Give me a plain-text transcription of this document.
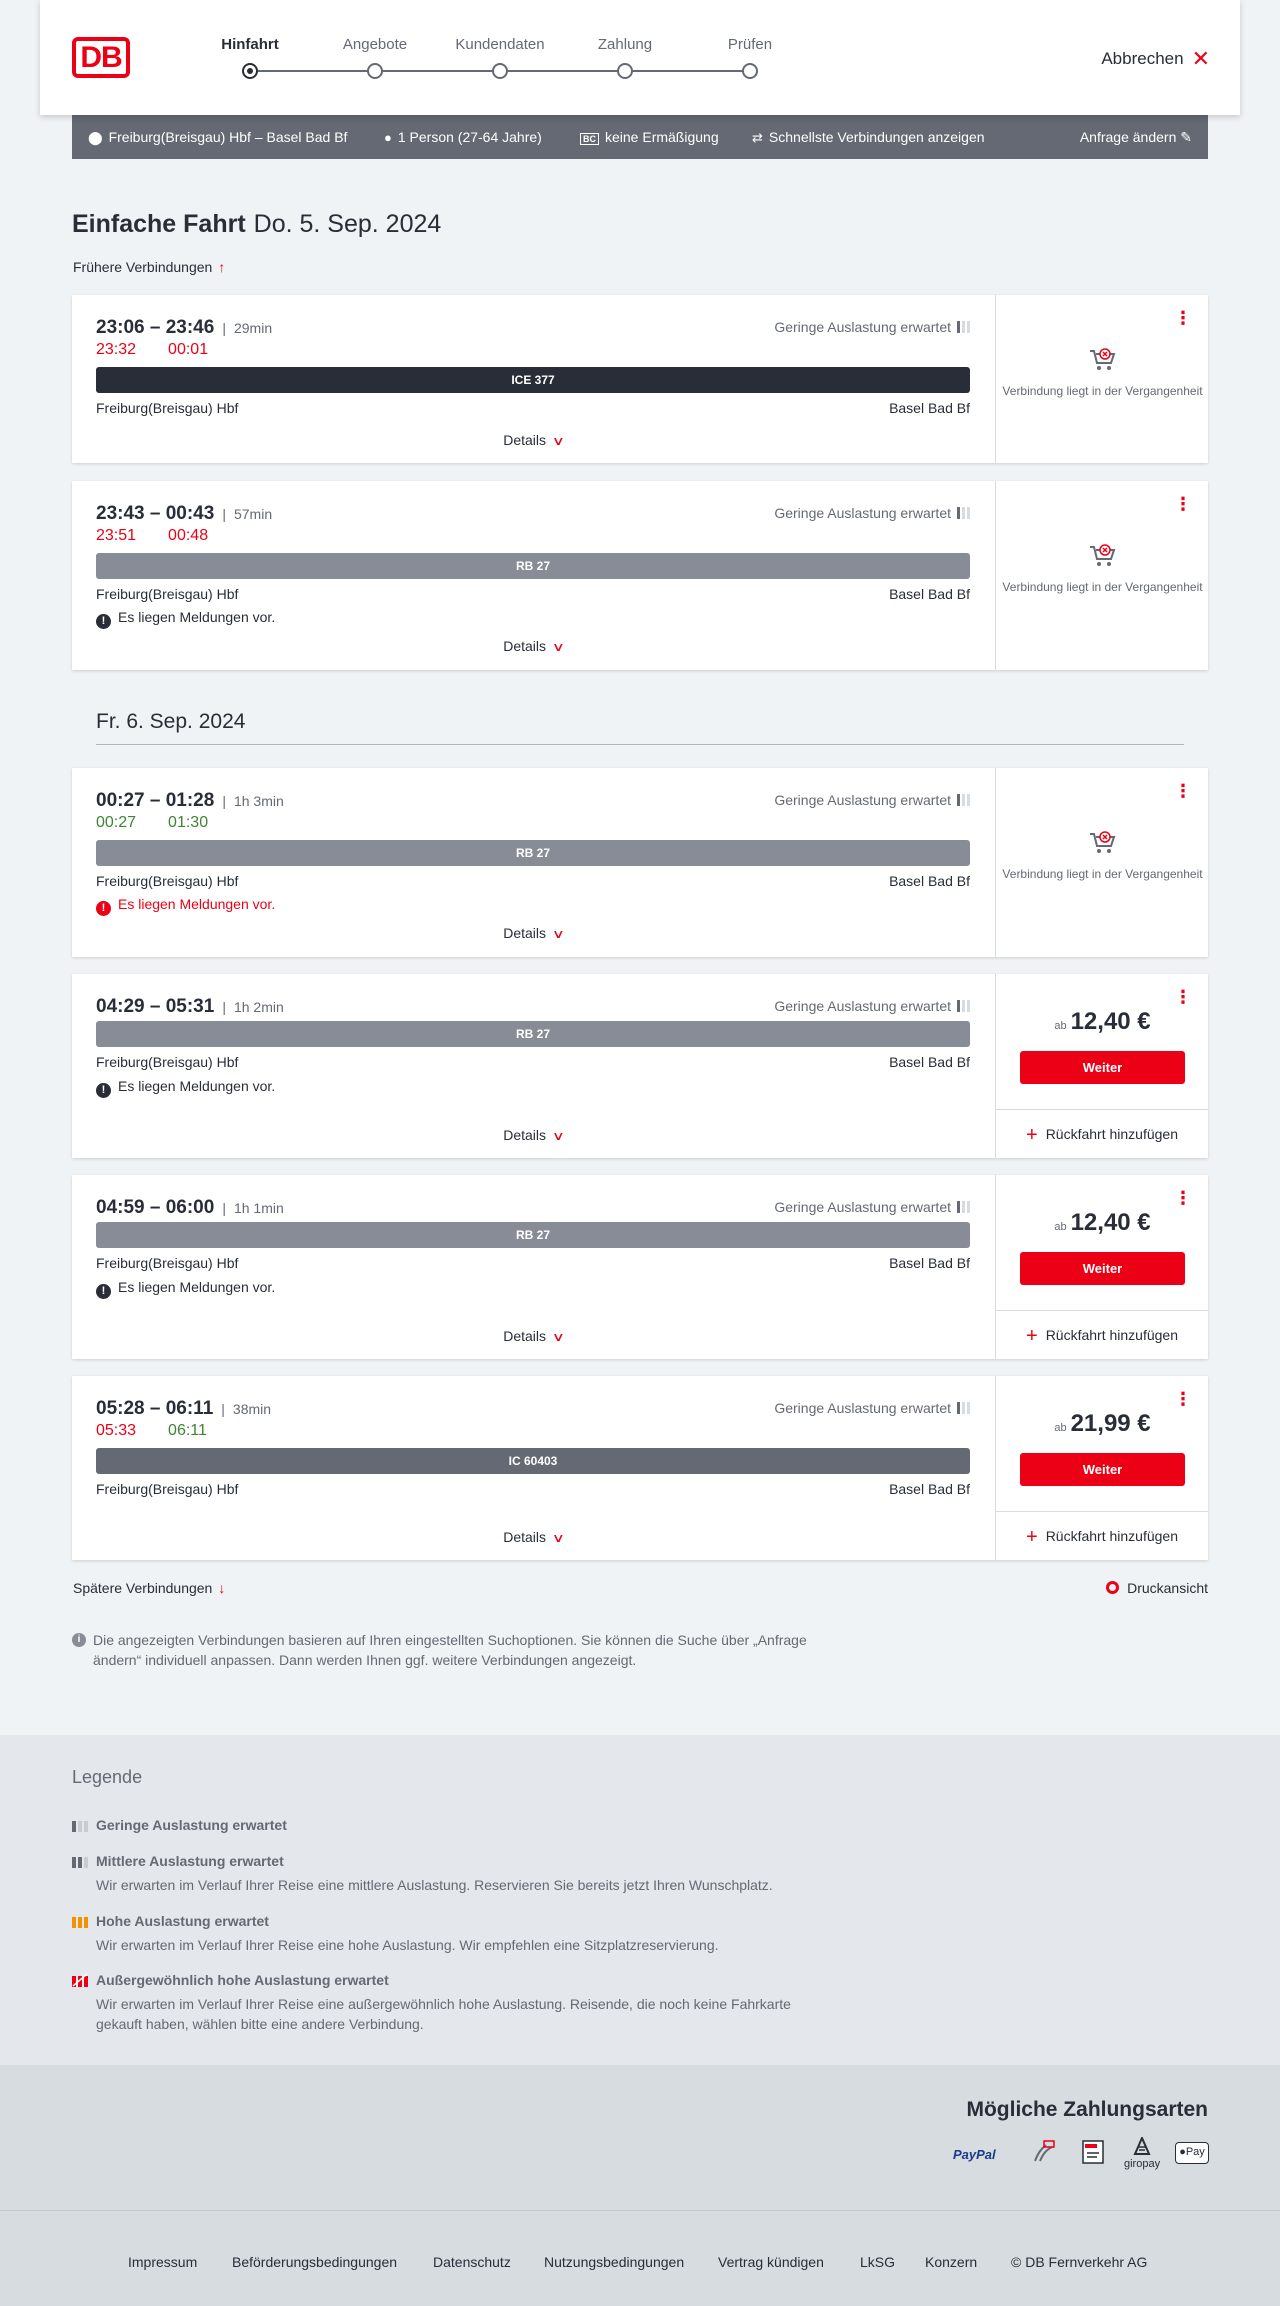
DB	Hinfahrt	Angebote	Kundendaten	Zahlung	Prüfen
Abbrechen ✕
⬤ Freiburg(Breisgau) Hbf – Basel Bad Bf	● 1 Person (27-64 Jahre)	BC keine Ermäßigung	⇄ Schnellste Verbindungen anzeigen	Anfrage ändern ✎
Einfache Fahrt Do. 5. Sep. 2024
Frühere Verbindungen ↑
23:06 – 23:46 | 29min	Geringe Auslastung erwartet
23:32 00:01
ICE 377
Freiburg(Breisgau) Hbf	Basel Bad Bf
Details ∨
⋮
Verbindung liegt in der Vergangenheit
23:43 – 00:43 | 57min	Geringe Auslastung erwartet
23:51 00:48
RB 27
Freiburg(Breisgau) Hbf	Basel Bad Bf
! Es liegen Meldungen vor.
Details ∨
⋮
Verbindung liegt in der Vergangenheit
Fr. 6. Sep. 2024
00:27 – 01:28 | 1h 3min	Geringe Auslastung erwartet
00:27 01:30
RB 27
Freiburg(Breisgau) Hbf	Basel Bad Bf
! Es liegen Meldungen vor.
Details ∨
⋮
Verbindung liegt in der Vergangenheit
04:29 – 05:31 | 1h 2min	Geringe Auslastung erwartet
RB 27
Freiburg(Breisgau) Hbf	Basel Bad Bf
! Es liegen Meldungen vor.
Details ∨
⋮
ab 12,40 €
Weiter
+ Rückfahrt hinzufügen
04:59 – 06:00 | 1h 1min	Geringe Auslastung erwartet
RB 27
Freiburg(Breisgau) Hbf	Basel Bad Bf
! Es liegen Meldungen vor.
Details ∨
⋮
ab 12,40 €
Weiter
+ Rückfahrt hinzufügen
05:28 – 06:11 | 38min	Geringe Auslastung erwartet
05:33 06:11
IC 60403
Freiburg(Breisgau) Hbf	Basel Bad Bf
Details ∨
⋮
ab 21,99 €
Weiter
+ Rückfahrt hinzufügen
Spätere Verbindungen ↓	Druckansicht
i Die angezeigten Verbindungen basieren auf Ihren eingestellten Suchoptionen. Sie können die Suche über „Anfrage ändern“ individuell anpassen. Dann werden Ihnen ggf. weitere Verbindungen angezeigt.

Legende
Geringe Auslastung erwartet
Mittlere Auslastung erwartet
Wir erwarten im Verlauf Ihrer Reise eine mittlere Auslastung. Reservieren Sie bereits jetzt Ihren Wunschplatz.
Hohe Auslastung erwartet
Wir erwarten im Verlauf Ihrer Reise eine hohe Auslastung. Wir empfehlen eine Sitzplatzreservierung.
Außergewöhnlich hohe Auslastung erwartet
Wir erwarten im Verlauf Ihrer Reise eine außergewöhnlich hohe Auslastung. Reisende, die noch keine Fahrkarte gekauft haben, wählen bitte eine andere Verbindung.
Mögliche Zahlungsarten
PayPal
giropay
●Pay
Impressum Beförderungsbedingungen	Datenschutz Nutzungsbedingungen Vertrag kündigen	LkSG Konzern © DB Fernverkehr AG
